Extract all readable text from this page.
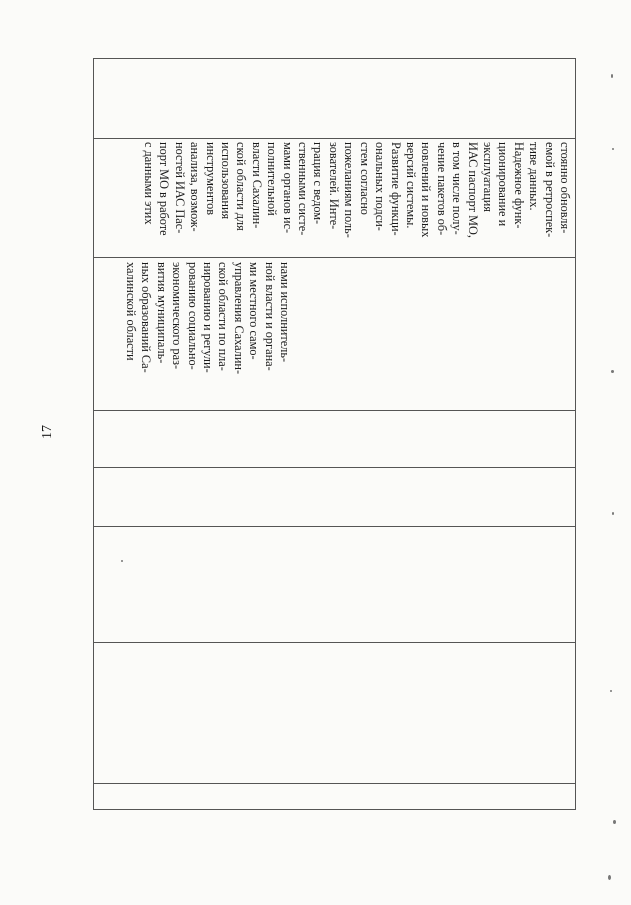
17
нами исполнитель-
ной власти и органа-
ми местного само-
управления Сахалин-
ской области по пла-
нированию и регули-
рованию социально-
экономического раз-
вития муниципаль-
ных образований Са-
халинской области
стоянно обновля-
емой в ретроспек-
тиве данных.
Надежное функ-
ционирование и
эксплуатация
ИАС паспорт МО,
в том числе полу-
чение пакетов об-
новлений и новых
версий системы.
Развитие функци-
ональных подси-
стем согласно
пожеланиям поль-
зователей. Инте-
грация с ведом-
ственными систе-
мами органов ис-
полнительной
власти Сахалин-
ской области для
использования
инструментов
анализа, возмож-
ностей ИАС Пас-
порт МО в работе
с данными этих
